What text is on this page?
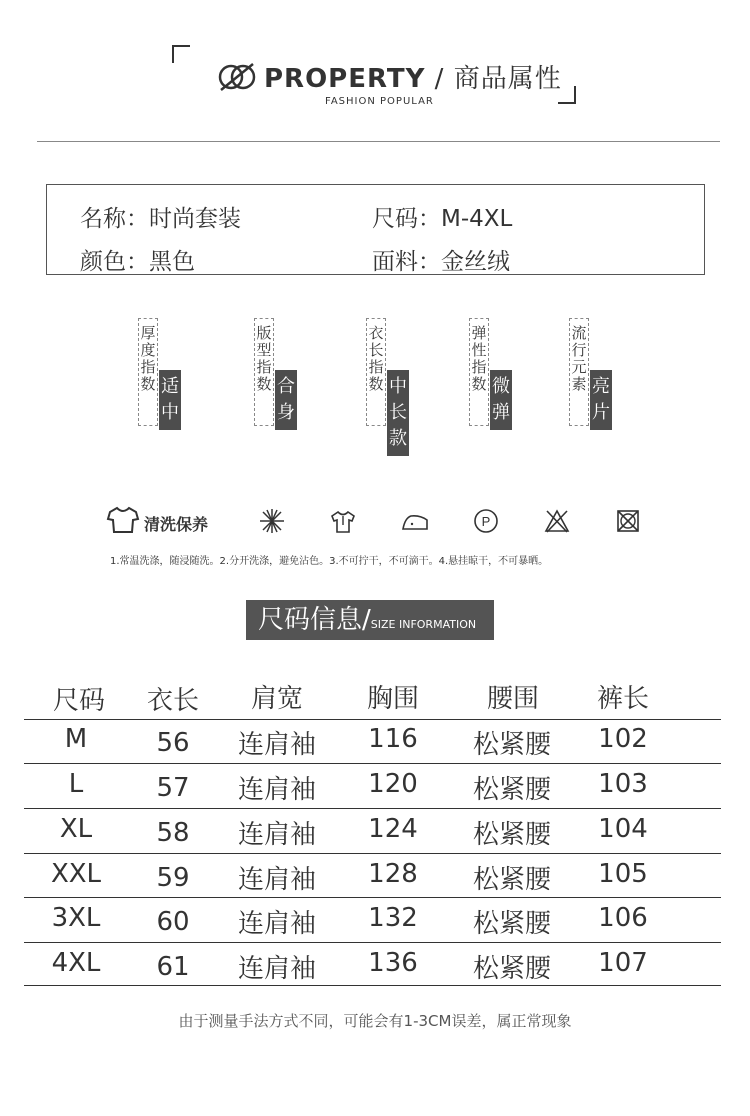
PROPERTY / 商品属性
FASHION POPULAR
名称：时尚套装	尺码：M-4XL
颜色：黑色	面料：金丝绒
厚度指数 适中
版型指数 合身
衣长指数 中长款
弹性指数 微弹
流行元素 亮片
清洗保养	P
1.常温洗涤，随浸随洗。2.分开洗涤，避免沾色。3.不可拧干，不可滴干。4.悬挂晾干，不可暴晒。
尺码信息/SIZE INFORMATION
尺码	衣长	肩宽	胸围	腰围	裤长
M	56	连肩袖	116	松紧腰	102
L	57	连肩袖	120	松紧腰	103
XL	58	连肩袖	124	松紧腰	104
XXL	59	连肩袖	128	松紧腰	105
3XL	60	连肩袖	132	松紧腰	106
4XL	61	连肩袖	136	松紧腰	107
由于测量手法方式不同，可能会有1-3CM误差，属正常现象
